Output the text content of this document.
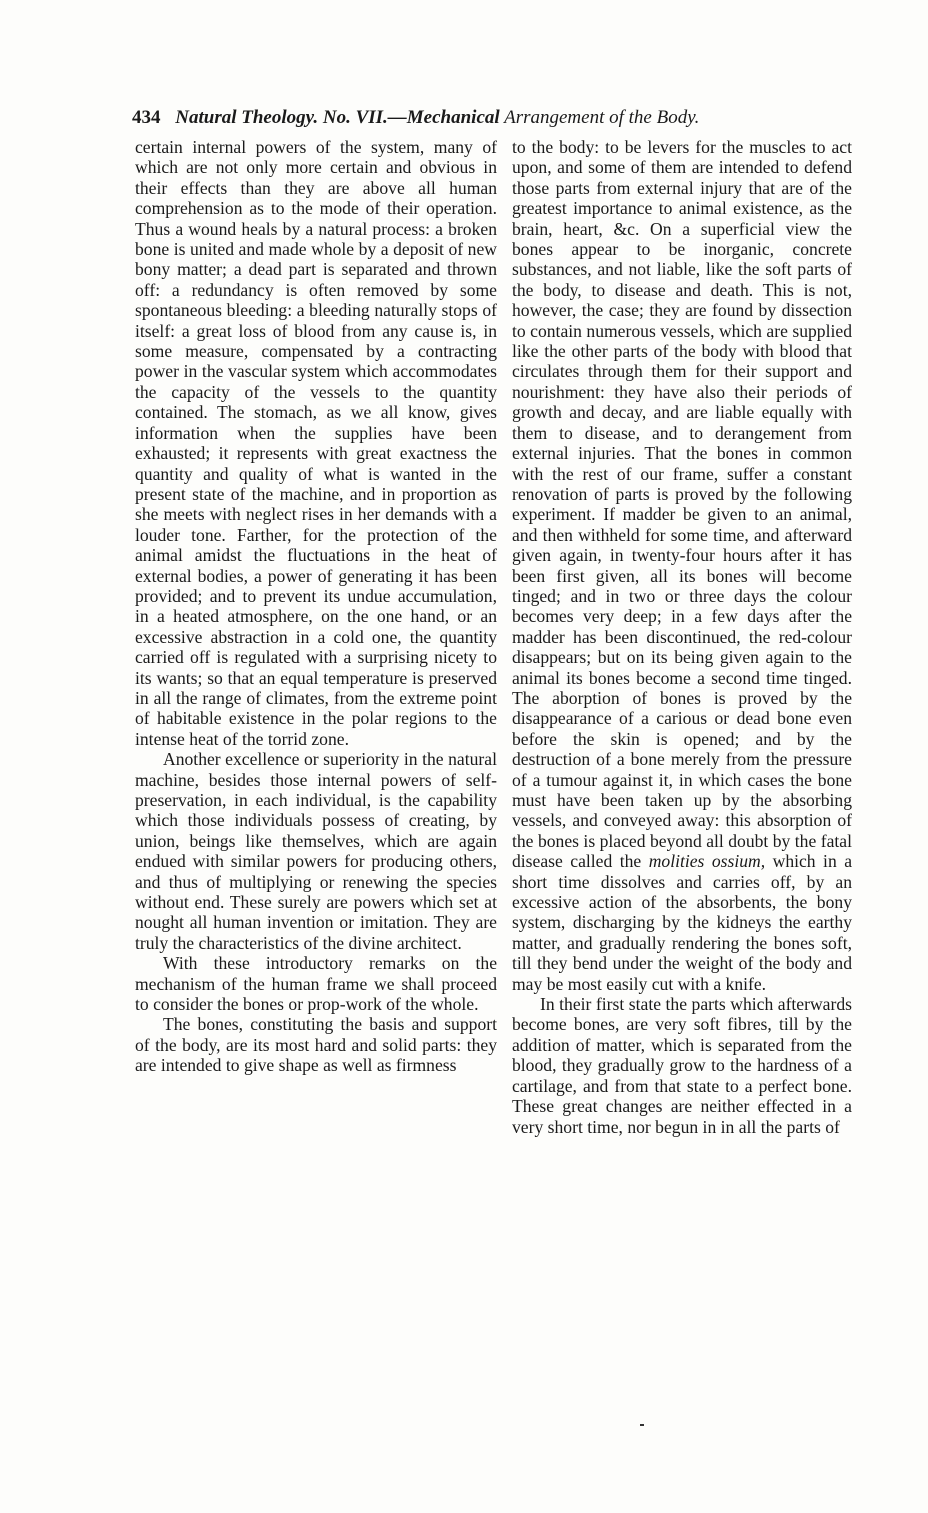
434 Natural Theology. No. VII.—Mechanical Arrangement of the Body.

certain internal powers of the system, many of which are not only more certain and obvious in their effects than they are above all human comprehension as to the mode of their operation. Thus a wound heals by a natural process: a broken bone is united and made whole by a deposit of new bony matter; a dead part is separated and thrown off: a redundancy is often removed by some spontaneous bleeding: a bleeding naturally stops of itself: a great loss of blood from any cause is, in some measure, compensated by a contracting power in the vascular system which accommodates the capacity of the vessels to the quantity contained. The stomach, as we all know, gives information when the supplies have been exhausted; it represents with great exactness the quantity and quality of what is wanted in the present state of the machine, and in proportion as she meets with neglect rises in her demands with a louder tone. Farther, for the protection of the animal amidst the fluctuations in the heat of external bodies, a power of generating it has been provided; and to prevent its undue accumulation, in a heated atmosphere, on the one hand, or an excessive abstraction in a cold one, the quantity carried off is regulated with a surprising nicety to its wants; so that an equal temperature is preserved in all the range of climates, from the extreme point of habitable existence in the polar regions to the intense heat of the torrid zone.

Another excellence or superiority in the natural machine, besides those internal powers of self-preservation, in each individual, is the capability which those individuals possess of creating, by union, beings like themselves, which are again endued with similar powers for producing others, and thus of multiplying or renewing the species without end. These surely are powers which set at nought all human invention or imitation. They are truly the characteristics of the divine architect.

With these introductory remarks on the mechanism of the human frame we shall proceed to consider the bones or prop-work of the whole.

The bones, constituting the basis and support of the body, are its most hard and solid parts: they are intended to give shape as well as firmness

to the body: to be levers for the muscles to act upon, and some of them are intended to defend those parts from external injury that are of the greatest importance to animal existence, as the brain, heart, &c. On a superficial view the bones appear to be inorganic, concrete substances, and not liable, like the soft parts of the body, to disease and death. This is not, however, the case; they are found by dissection to contain numerous vessels, which are supplied like the other parts of the body with blood that circulates through them for their support and nourishment: they have also their periods of growth and decay, and are liable equally with them to disease, and to derangement from external injuries. That the bones in common with the rest of our frame, suffer a constant renovation of parts is proved by the following experiment. If madder be given to an animal, and then withheld for some time, and afterward given again, in twenty-four hours after it has been first given, all its bones will become tinged; and in two or three days the colour becomes very deep; in a few days after the madder has been discontinued, the red-colour disappears; but on its being given again to the animal its bones become a second time tinged. The aborption of bones is proved by the disappearance of a carious or dead bone even before the skin is opened; and by the destruction of a bone merely from the pressure of a tumour against it, in which cases the bone must have been taken up by the absorbing vessels, and conveyed away: this absorption of the bones is placed beyond all doubt by the fatal disease called the molities ossium, which in a short time dissolves and carries off, by an excessive action of the absorbents, the bony system, discharging by the kidneys the earthy matter, and gradually rendering the bones soft, till they bend under the weight of the body and may be most easily cut with a knife.

In their first state the parts which afterwards become bones, are very soft fibres, till by the addition of matter, which is separated from the blood, they gradually grow to the hardness of a cartilage, and from that state to a perfect bone. These great changes are neither effected in a very short time, nor begun in in all the parts of
